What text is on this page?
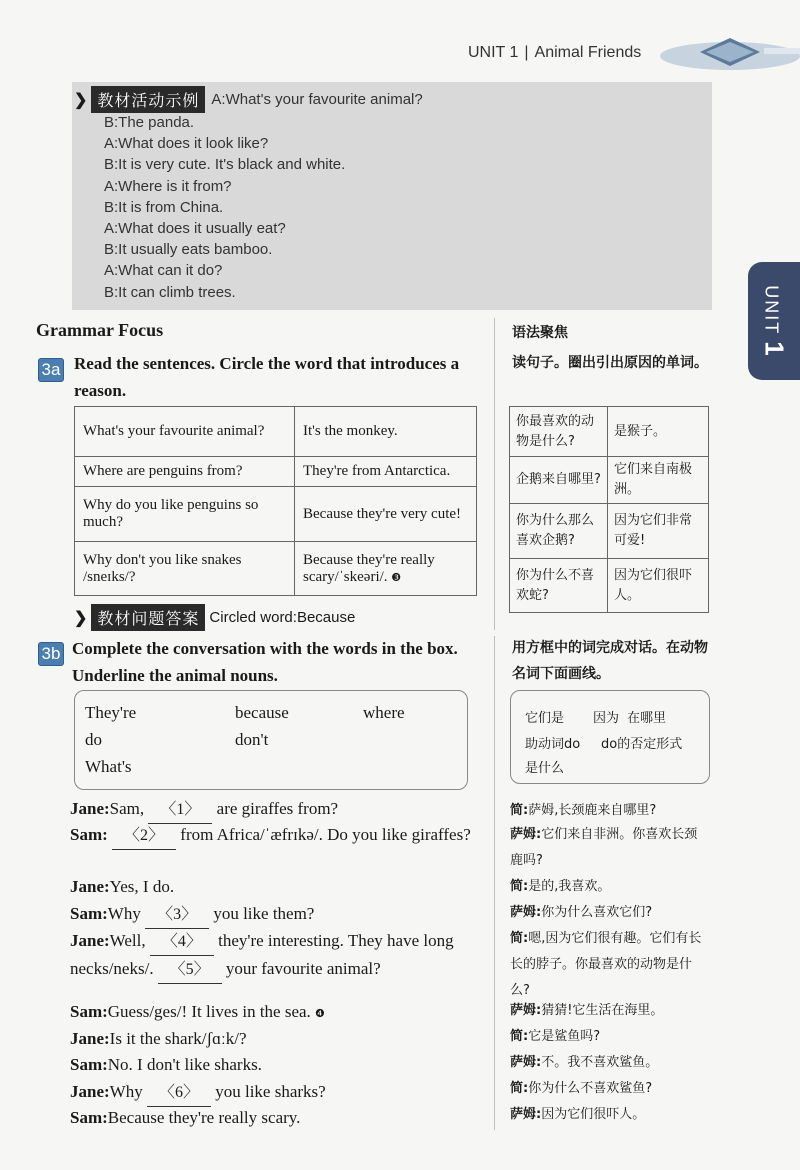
UNIT 1 | Animal Friends
UNIT1
❯ 教材活动示例 A:What's your favourite animal?
B:The panda.
A:What does it look like?
B:It is very cute. It's black and white.
A:Where is it from?
B:It is from China.
A:What does it usually eat?
B:It usually eats bamboo.
A:What can it do?
B:It can climb trees.
Grammar Focus	语法聚焦
3a Read the sentences. Circle the word that introduces a reason.
读句子。圈出引出原因的单词。
What's your favourite animal?	It's the monkey.
Where are penguins from?	They're from Antarctica.
Why do you like penguins so much?	Because they're very cute!
Why don't you like snakes /sneɪks/?	Because they're really scary/ˈskeəri/. ❸
你最喜欢的动物是什么?	是猴子。
企鹅来自哪里?	它们来自南极洲。
你为什么那么喜欢企鹅?	因为它们非常可爱!
你为什么不喜欢蛇?	因为它们很吓人。
❯ 教材问题答案 Circled word:Because
3b Complete the conversation with the words in the box. Underline the animal nouns.
用方框中的词完成对话。在动物名词下面画线。
They're	because	where
do	don't
What's
它们是 因为 在哪里
助动词do do的否定形式
是什么
Jane:Sam, 〈1〉 are giraffes from?
Sam: 〈2〉 from Africa/ˈæfrɪkə/. Do you like giraffes?
Jane:Yes, I do.
Sam:Why 〈3〉 you like them?
Jane:Well, 〈4〉 they're interesting. They have long necks/neks/. 〈5〉 your favourite animal?
Sam:Guess/ges/! It lives in the sea. ❹
Jane:Is it the shark/ʃɑːk/?
Sam:No. I don't like sharks.
Jane:Why 〈6〉 you like sharks?
Sam:Because they're really scary.
简:萨姆,长颈鹿来自哪里?
萨姆:它们来自非洲。你喜欢长颈鹿吗?
简:是的,我喜欢。
萨姆:你为什么喜欢它们?
简:嗯,因为它们很有趣。它们有长长的脖子。你最喜欢的动物是什么?
萨姆:猜猜!它生活在海里。
简:它是鲨鱼吗?
萨姆:不。我不喜欢鲨鱼。
简:你为什么不喜欢鲨鱼?
萨姆:因为它们很吓人。
